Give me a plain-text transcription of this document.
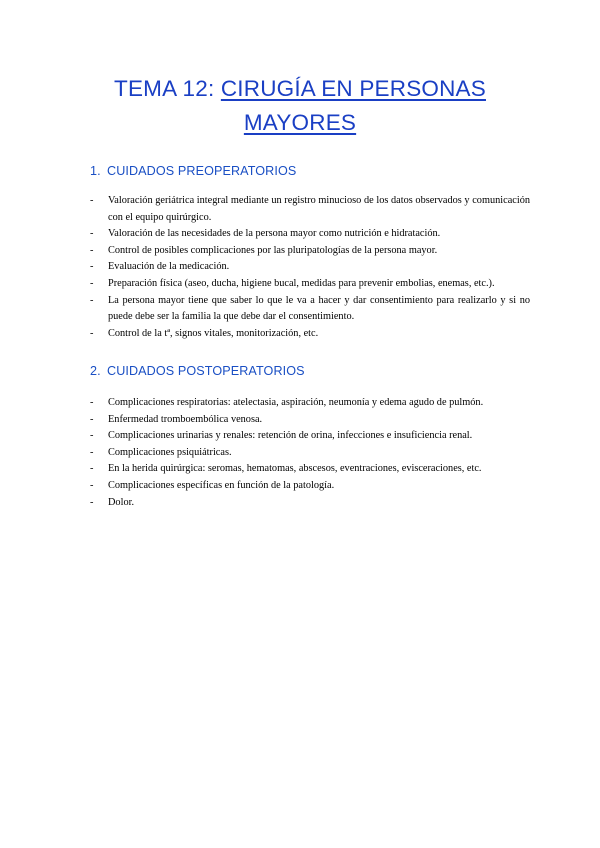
TEMA 12: CIRUGÍA EN PERSONAS
MAYORES
1. CUIDADOS PREOPERATORIOS
- Valoración geriátrica integral mediante un registro minucioso de los datos observados y comunicación con el equipo quirúrgico.
- Valoración de las necesidades de la persona mayor como nutrición e hidratación.
- Control de posibles complicaciones por las pluripatologías de la persona mayor.
- Evaluación de la medicación.
- Preparación física (aseo, ducha, higiene bucal, medidas para prevenir embolias, enemas, etc.).
- La persona mayor tiene que saber lo que le va a hacer y dar consentimiento para realizarlo y si no puede debe ser la familia la que debe dar el consentimiento.
- Control de la tª, signos vitales, monitorización, etc.
2. CUIDADOS POSTOPERATORIOS
- Complicaciones respiratorias: atelectasia, aspiración, neumonía y edema agudo de pulmón.
- Enfermedad tromboembólica venosa.
- Complicaciones urinarias y renales: retención de orina, infecciones e insuficiencia renal.
- Complicaciones psiquiátricas.
- En la herida quirúrgica: seromas, hematomas, abscesos, eventraciones, evisceraciones, etc.
- Complicaciones específicas en función de la patología.
- Dolor.
